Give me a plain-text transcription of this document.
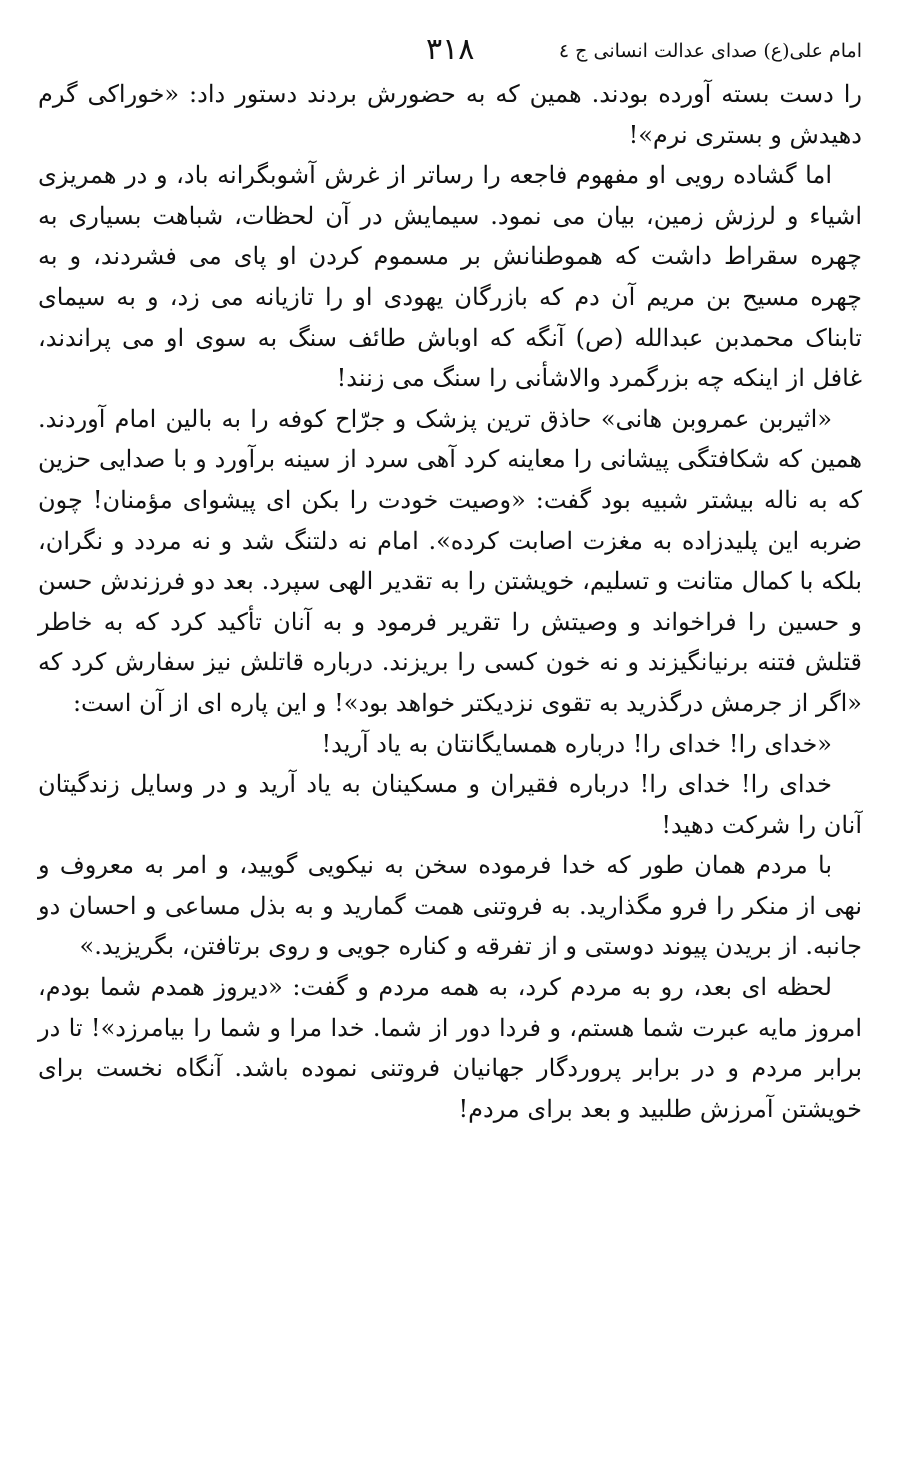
امام علی(ع) صدای عدالت انسانی ج ٤
٣١٨

را دست بسته آورده بودند. همین که به حضورش بردند دستور داد: «خوراکی گرم دهیدش و بستری نرم»!

اما گشاده رویی او مفهوم فاجعه را رساتر از غرش آشوبگرانه باد، و در همریزی اشیاء و لرزش زمین، بیان می نمود. سیمایش در آن لحظات، شباهت بسیاری به چهره سقراط داشت که هموطنانش بر مسموم کردن او پای می فشردند، و به چهره مسیح بن مریم آن دم که بازرگان یهودی او را تازیانه می زد، و به سیمای تابناک محمدبن عبدالله (ص) آنگه که اوباش طائف سنگ به سوی او می پراندند، غافل از اینکه چه بزرگمرد والاشأنی را سنگ می زنند!

«اثیربن عمروبن هانی» حاذق ترین پزشک و جرّاح کوفه را به بالین امام آوردند. همین که شکافتگی پیشانی را معاینه کرد آهی سرد از سینه برآورد و با صدایی حزین که به ناله بیشتر شبیه بود گفت: «وصیت خودت را بکن ای پیشوای مؤمنان! چون ضربه این پلیدزاده به مغزت اصابت کرده». امام نه دلتنگ شد و نه مردد و نگران، بلکه با کمال متانت و تسلیم، خویشتن را به تقدیر الهی سپرد. بعد دو فرزندش حسن و حسین را فراخواند و وصیتش را تقریر فرمود و به آنان تأکید کرد که به خاطر قتلش فتنه برنیانگیزند و نه خون کسی را بریزند. درباره قاتلش نیز سفارش کرد که «اگر از جرمش درگذرید به تقوی نزدیکتر خواهد بود»! و این پاره ای از آن است:

«خدای را! خدای را! درباره همسایگانتان به یاد آرید!

خدای را! خدای را! درباره فقیران و مسکینان به یاد آرید و در وسایل زندگیتان آنان را شرکت دهید!

با مردم همان طور که خدا فرموده سخن به نیکویی گویید، و امر به معروف و نهی از منکر را فرو مگذارید. به فروتنی همت گمارید و به بذل مساعی و احسان دو جانبه. از بریدن پیوند دوستی و از تفرقه و کناره جویی و روی برتافتن، بگریزید.»

لحظه ای بعد، رو به مردم کرد، به همه مردم و گفت: «دیروز همدم شما بودم، امروز مایه عبرت شما هستم، و فردا دور از شما. خدا مرا و شما را بیامرزد»! تا در برابر مردم و در برابر پروردگار جهانیان فروتنی نموده باشد. آنگاه نخست برای خویشتن آمرزش طلبید و بعد برای مردم!
